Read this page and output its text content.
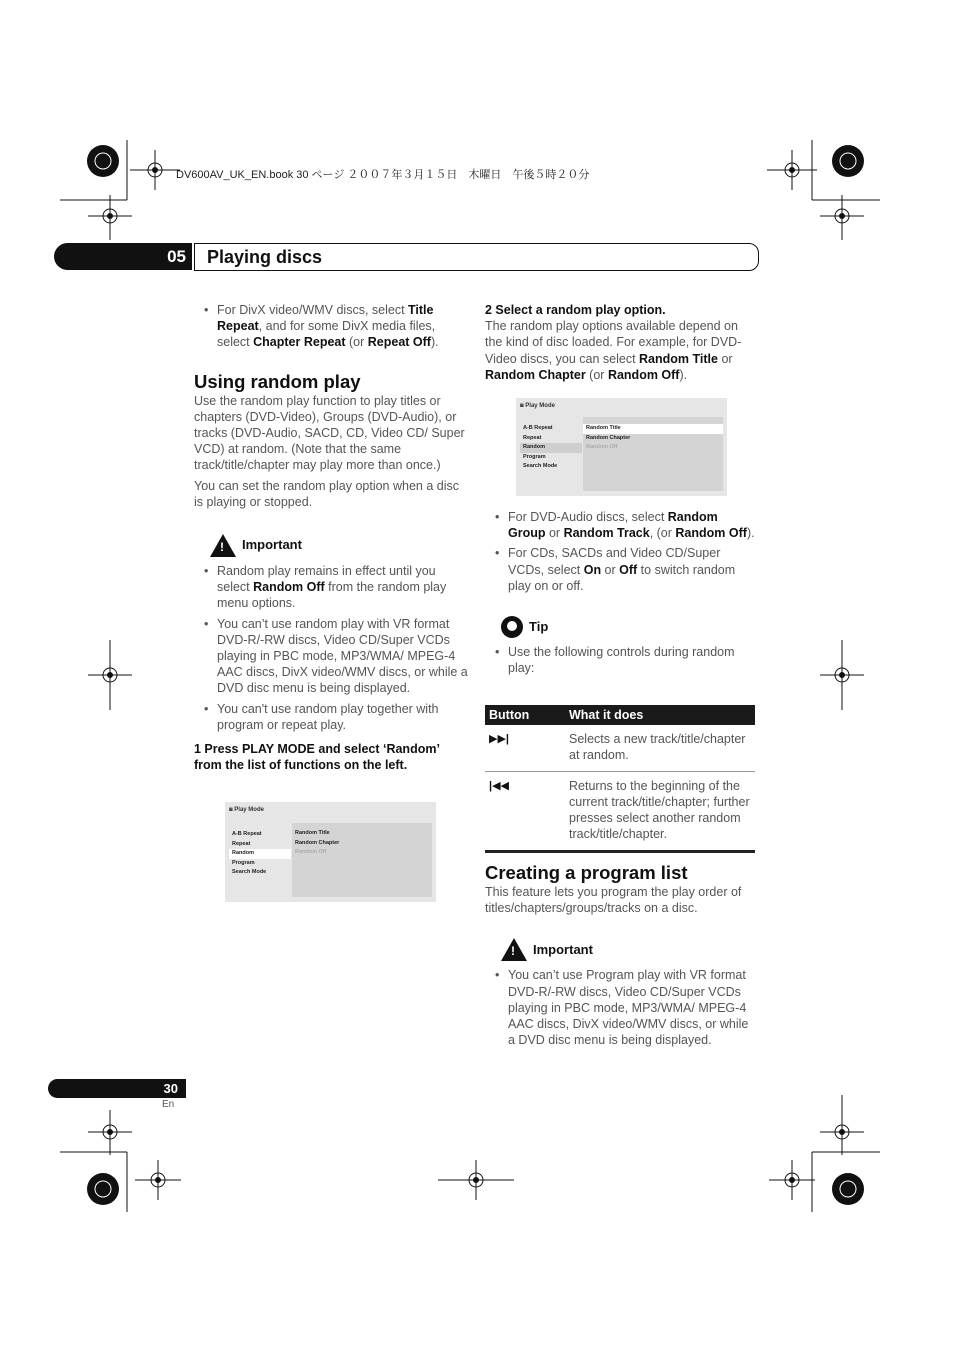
DV600AV_UK_EN.book 30 ページ ２００７年３月１５日　木曜日　午後５時２０分
05	Playing discs
• For DivX video/WMV discs, select Title Repeat, and for some DivX media files, select Chapter Repeat (or Repeat Off).
Using random play
Use the random play function to play titles or chapters (DVD-Video), Groups (DVD-Audio), or tracks (DVD-Audio, SACD, CD, Video CD/ Super VCD) at random. (Note that the same track/title/chapter may play more than once.)
You can set the random play option when a disc is playing or stopped.
! Important
• Random play remains in effect until you select Random Off from the random play menu options.
• You can’t use random play with VR format DVD-R/-RW discs, Video CD/Super VCDs playing in PBC mode, MP3/WMA/ MPEG-4 AAC discs, DivX video/WMV discs, or while a DVD disc menu is being displayed.
• You can't use random play together with program or repeat play.
1 Press PLAY MODE and select ‘Random’ from the list of functions on the left.
◙ Play Mode
A-B Repeat
Repeat
Random
Program
Search Mode
Random Title
Random Chapter
Random Off
2 Select a random play option.
The random play options available depend on the kind of disc loaded. For example, for DVD-Video discs, you can select Random Title or Random Chapter (or Random Off).
◙ Play Mode
A-B Repeat
Repeat
Random
Program
Search Mode
Random Title
Random Chapter
Random Off
• For DVD-Audio discs, select Random Group or Random Track, (or Random Off).
• For CDs, SACDs and Video CD/Super VCDs, select On or Off to switch random play on or off.
Tip
• Use the following controls during random play:
Button	What it does
▶▶|	Selects a new track/title/chapter at random.
|◀◀	Returns to the beginning of the current track/title/chapter; further presses select another random track/title/chapter.
Creating a program list
This feature lets you program the play order of titles/chapters/groups/tracks on a disc.
! Important
• You can’t use Program play with VR format DVD-R/-RW discs, Video CD/Super VCDs playing in PBC mode, MP3/WMA/ MPEG-4 AAC discs, DivX video/WMV discs, or while a DVD disc menu is being displayed.
30
En
